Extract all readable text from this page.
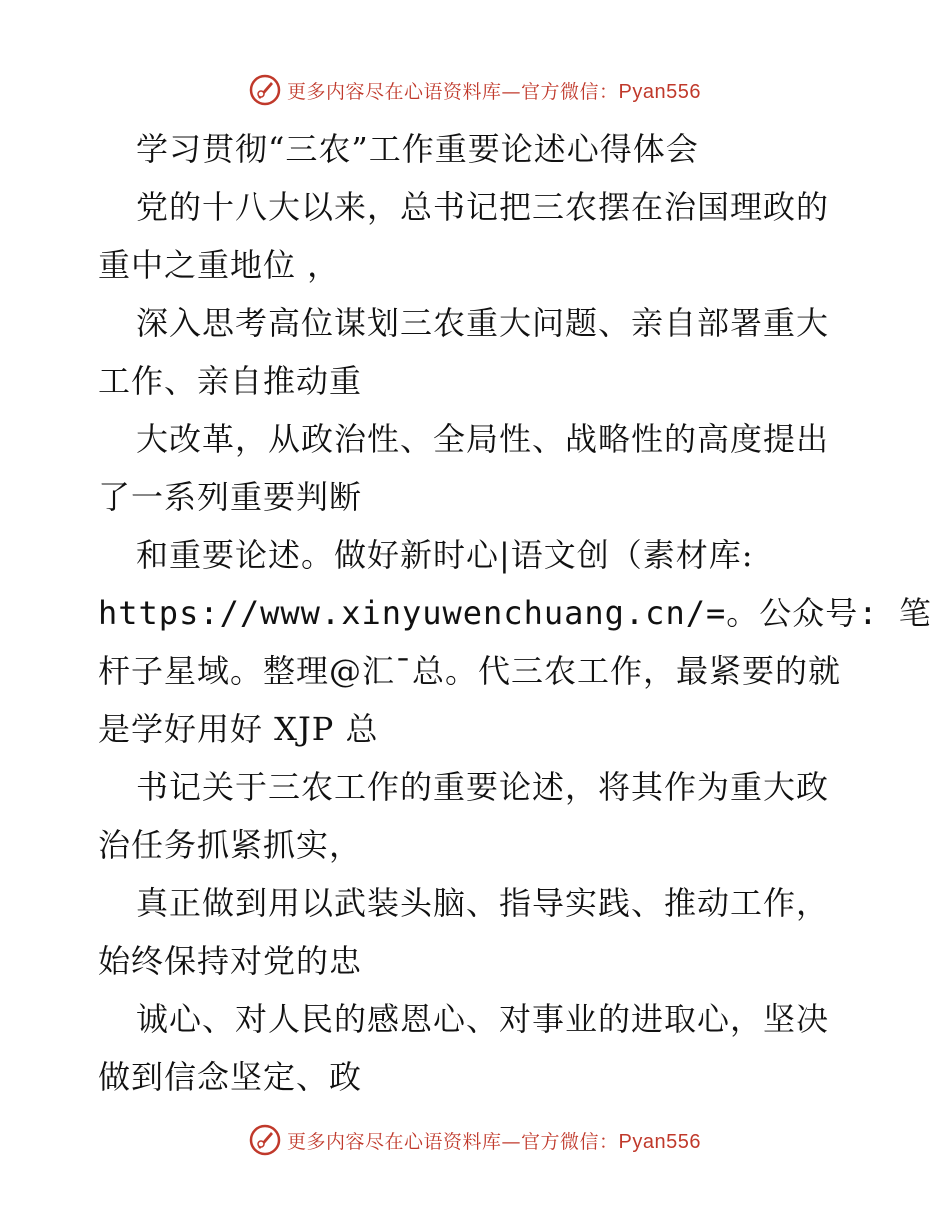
更多内容尽在心语资料库—官方微信：Pyan556
学习贯彻“三农”工作重要论述心得体会
党的十八大以来，总书记把三农摆在治国理政的
重中之重地位 ，
深入思考高位谋划三农重大问题、亲自部署重大
工作、亲自推动重
大改革，从政治性、全局性、战略性的高度提出
了一系列重要判断
和重要论述。做好新时心|语文创（素材库:
https://www.xinyuwenchuang.cn/=。公众号: 笔
杆子星域。整理@汇¯总。代三农工作，最紧要的就
是学好用好 XJP 总
书记关于三农工作的重要论述，将其作为重大政
治任务抓紧抓实，
真正做到用以武装头脑、指导实践、推动工作，
始终保持对党的忠
诚心、对人民的感恩心、对事业的进取心，坚决
做到信念坚定、政
更多内容尽在心语资料库—官方微信：Pyan556
